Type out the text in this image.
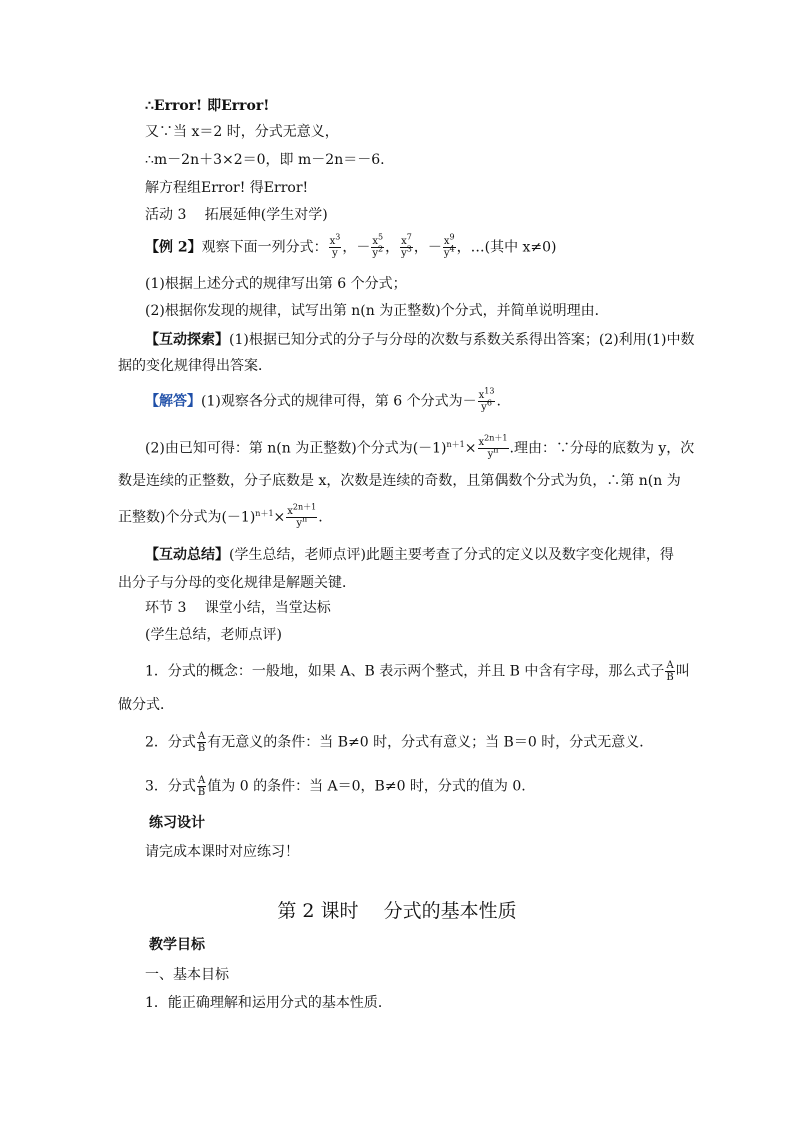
∴Error! 即Error!
又∵当 x＝2 时，分式无意义，
∴m－2n＋3×2＝0，即 m－2n＝－6.
解方程组Error! 得Error!
活动 3　 拓展延伸(学生对学)
【例 2】观察下面一列分式： $\frac{x^3}{y}$ ，－ $\frac{x^5}{y^2}$ ， $\frac{x^7}{y^3}$ ，－ $\frac{x^9}{y^4}$ ，…(其中 x≠0)
(1)根据上述分式的规律写出第 6 个分式；
(2)根据你发现的规律，试写出第 n(n 为正整数)个分式，并简单说明理由．
【互动探索】(1)根据已知分式的分子与分母的次数与系数关系得出答案；(2)利用(1)中数
据的变化规律得出答案．
【解答】(1)观察各分式的规律可得，第 6 个分式为－ $\frac{x^{13}}{y^6}$ .
(2)由已知可得：第 n(n 为正整数)个分式为$(-1)^{n+1}\times \frac{x^{2n+1}}{y^n}$ .理由：∵分母的底数为 y，次
数是连续的正整数，分子底数是 x，次数是连续的奇数，且第偶数个分式为负，∴第 n(n 为
正整数)个分式为$(-1)^{n+1}\times \frac{x^{2n+1}}{y^n}$ .
【互动总结】(学生总结，老师点评)此题主要考查了分式的定义以及数字变化规律，得
出分子与分母的变化规律是解题关键．
环节 3　 课堂小结，当堂达标
(学生总结，老师点评)
1．分式的概念：一般地，如果 A、B 表示两个整式，并且 B 中含有字母，那么式子 $\frac{A}{B}$ 叫
做分式．
2．分式 $\frac{A}{B}$ 有无意义的条件：当 B≠0 时，分式有意义；当 B＝0 时，分式无意义．
3．分式 $\frac{A}{B}$ 值为 0 的条件：当 A＝0，B≠0 时，分式的值为 0.
练习设计
请完成本课时对应练习！
第 2 课时　 分式的基本性质
教学目标
一、基本目标
1．能正确理解和运用分式的基本性质．
